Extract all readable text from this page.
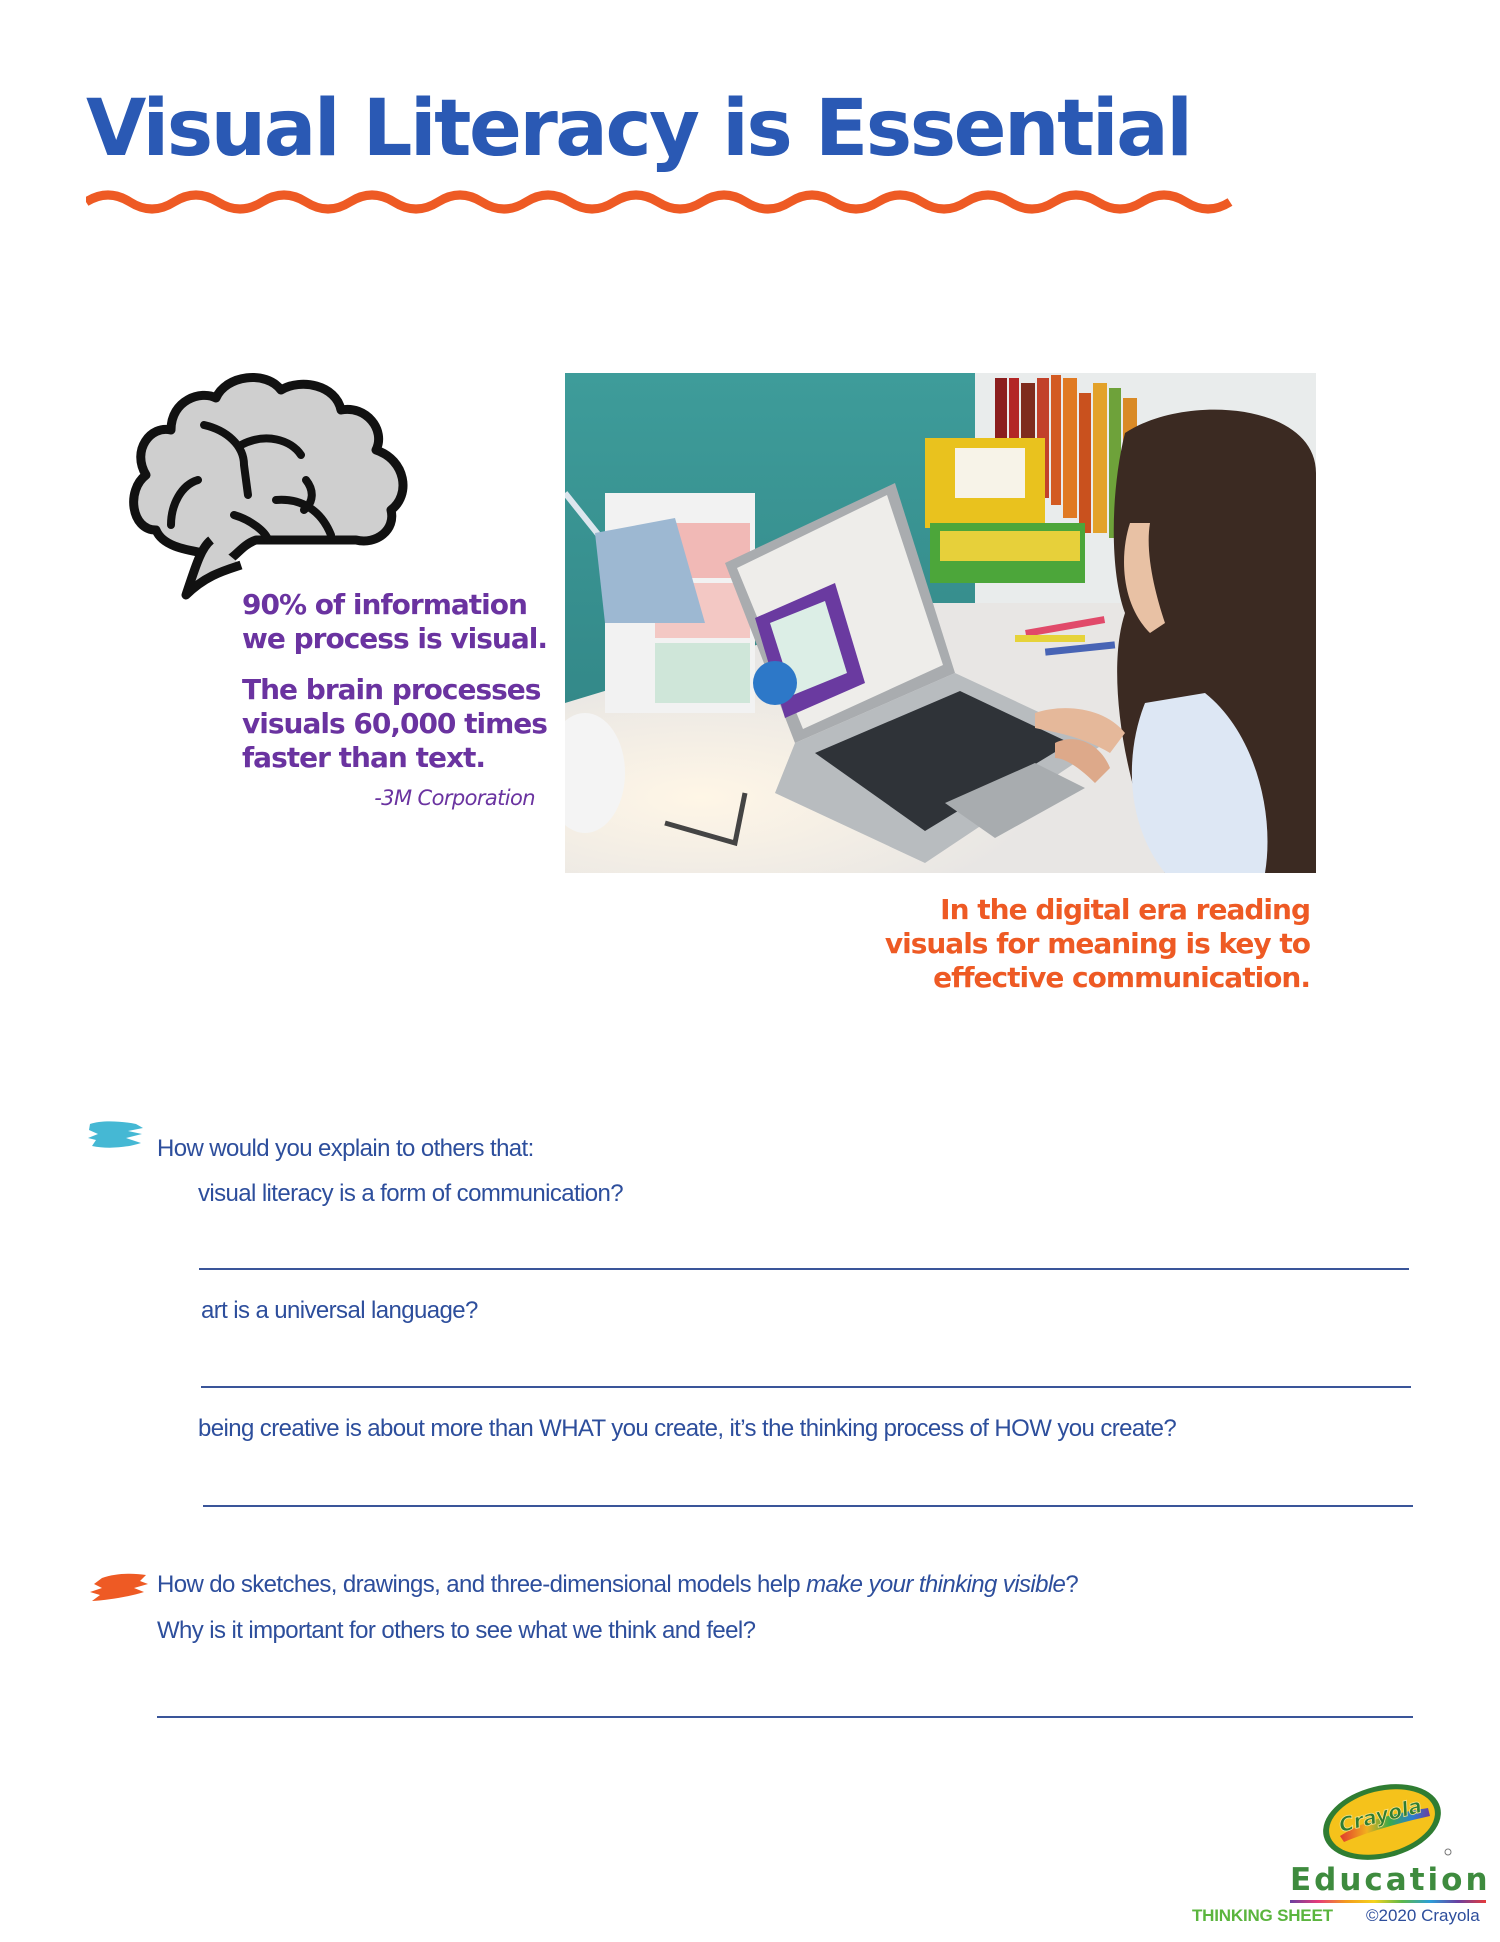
Visual Literacy is Essential
90% of information
we process is visual.
The brain processes
visuals 60,000 times
faster than text.
-3M Corporation
In the digital era reading
visuals for meaning is key to
effective communication.
How would you explain to others that:
visual literacy is a form of communication?
art is a universal language?
being creative is about more than WHAT you create, it’s the thinking process of HOW you create?
How do sketches, drawings, and three-dimensional models help make your thinking visible?
Why is it important for others to see what we think and feel?
Crayola
Education
THINKING SHEET ©2020 Crayola
